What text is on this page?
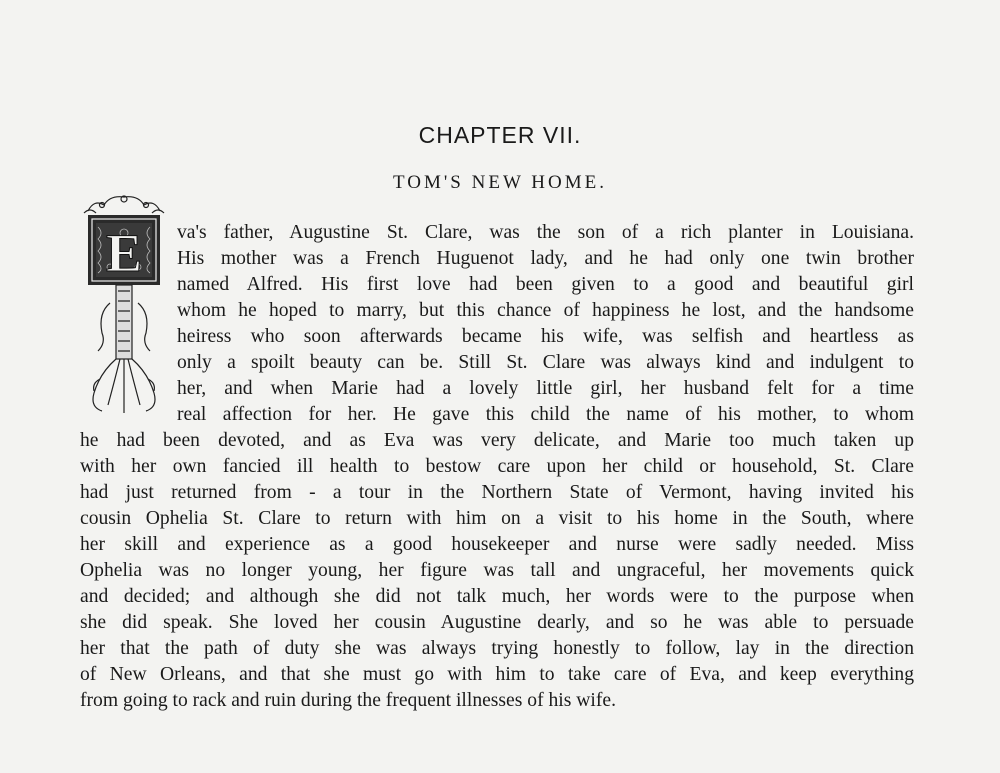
CHAPTER VII.
TOM'S NEW HOME.
E va's father, Augustine St. Clare, was the son of a rich planter in Louisiana.
His mother was a French Huguenot lady, and he had only one twin brother
named Alfred. His first love had been given to a good and beautiful girl
whom he hoped to marry, but this chance of happiness he lost, and the handsome
heiress who soon afterwards became his wife, was selfish and heartless as
only a spoilt beauty can be. Still St. Clare was always kind and indulgent to
her, and when Marie had a lovely little girl, her husband felt for a time
real affection for her. He gave this child the name of his mother, to whom
he had been devoted, and as Eva was very delicate, and Marie too much taken up
with her own fancied ill health to bestow care upon her child or household, St. Clare
had just returned from - a tour in the Northern State of Vermont, having invited his
cousin Ophelia St. Clare to return with him on a visit to his home in the South, where
her skill and experience as a good housekeeper and nurse were sadly needed. Miss
Ophelia was no longer young, her figure was tall and ungraceful, her movements quick
and decided; and although she did not talk much, her words were to the purpose when
she did speak. She loved her cousin Augustine dearly, and so he was able to persuade
her that the path of duty she was always trying honestly to follow, lay in the direction
of New Orleans, and that she must go with him to take care of Eva, and keep everything
from going to rack and ruin during the frequent illnesses of his wife.
